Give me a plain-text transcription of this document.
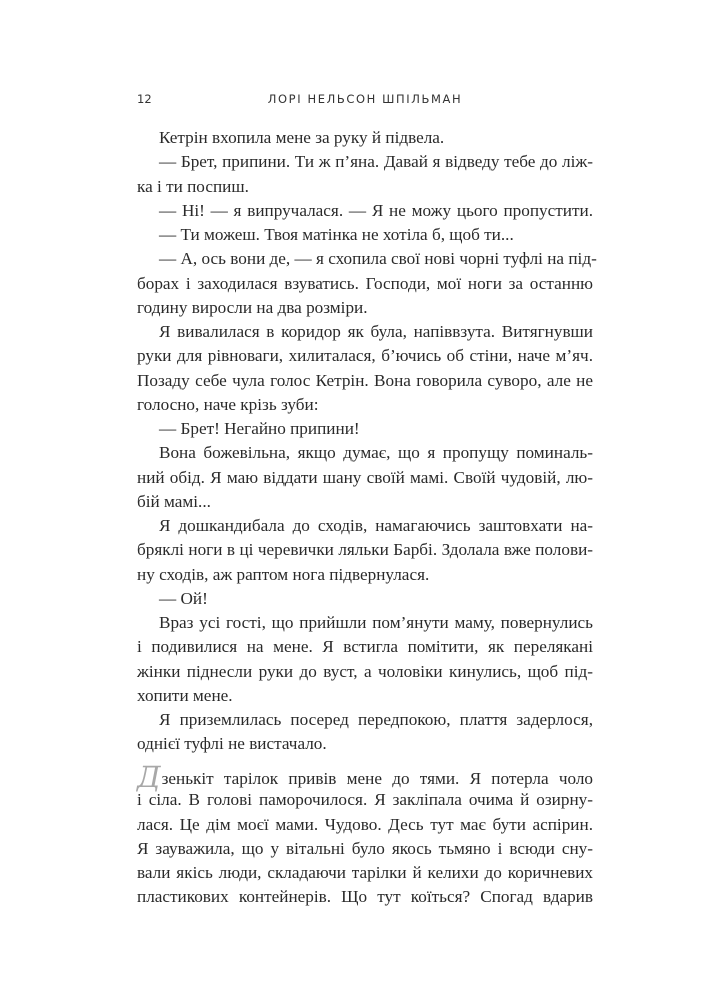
12	ЛОРІ НЕЛЬСОН ШПІЛЬМАН
Кетрін вхопила мене за руку й підвела.
— Брет, припини. Ти ж п’яна. Давай я відведу тебе до ліж-
ка і ти поспиш.
— Ні! — я випручалася. — Я не можу цього пропустити.
— Ти можеш. Твоя матінка не хотіла б, щоб ти...
— А, ось вони де, — я схопила свої нові чорні туфлі на під-
борах і заходилася взуватись. Господи, мої ноги за останню
годину виросли на два розміри.
Я вивалилася в коридор як була, напіввзута. Витягнувши
руки для рівноваги, хилиталася, б’ючись об стіни, наче м’яч.
Позаду себе чула голос Кетрін. Вона говорила суворо, але не
голосно, наче крізь зуби:
— Брет! Негайно припини!
Вона божевільна, якщо думає, що я пропущу поминаль-
ний обід. Я маю віддати шану своїй мамі. Своїй чудовій, лю-
бій мамі...
Я дошкандибала до сходів, намагаючись заштовхати на-
бряклі ноги в ці черевички ляльки Барбі. Здолала вже полови-
ну сходів, аж раптом нога підвернулася.
— Ой!
Враз усі гості, що прийшли пом’янути маму, повернулись
і подивилися на мене. Я встигла помітити, як перелякані
жінки піднесли руки до вуст, а чоловіки кинулись, щоб під-
хопити мене.
Я приземлилась посеред передпокою, плаття задерлося,
однієї туфлі не вистачало.
Дзенькіт тарілок привів мене до тями. Я потерла чоло
і сіла. В голові паморочилося. Я закліпала очима й озирну-
лася. Це дім моєї мами. Чудово. Десь тут має бути аспірин.
Я зауважила, що у вітальні було якось тьмяно і всюди сну-
вали якісь люди, складаючи тарілки й келихи до коричневих
пластикових контейнерів. Що тут коїться? Спогад вдарив
